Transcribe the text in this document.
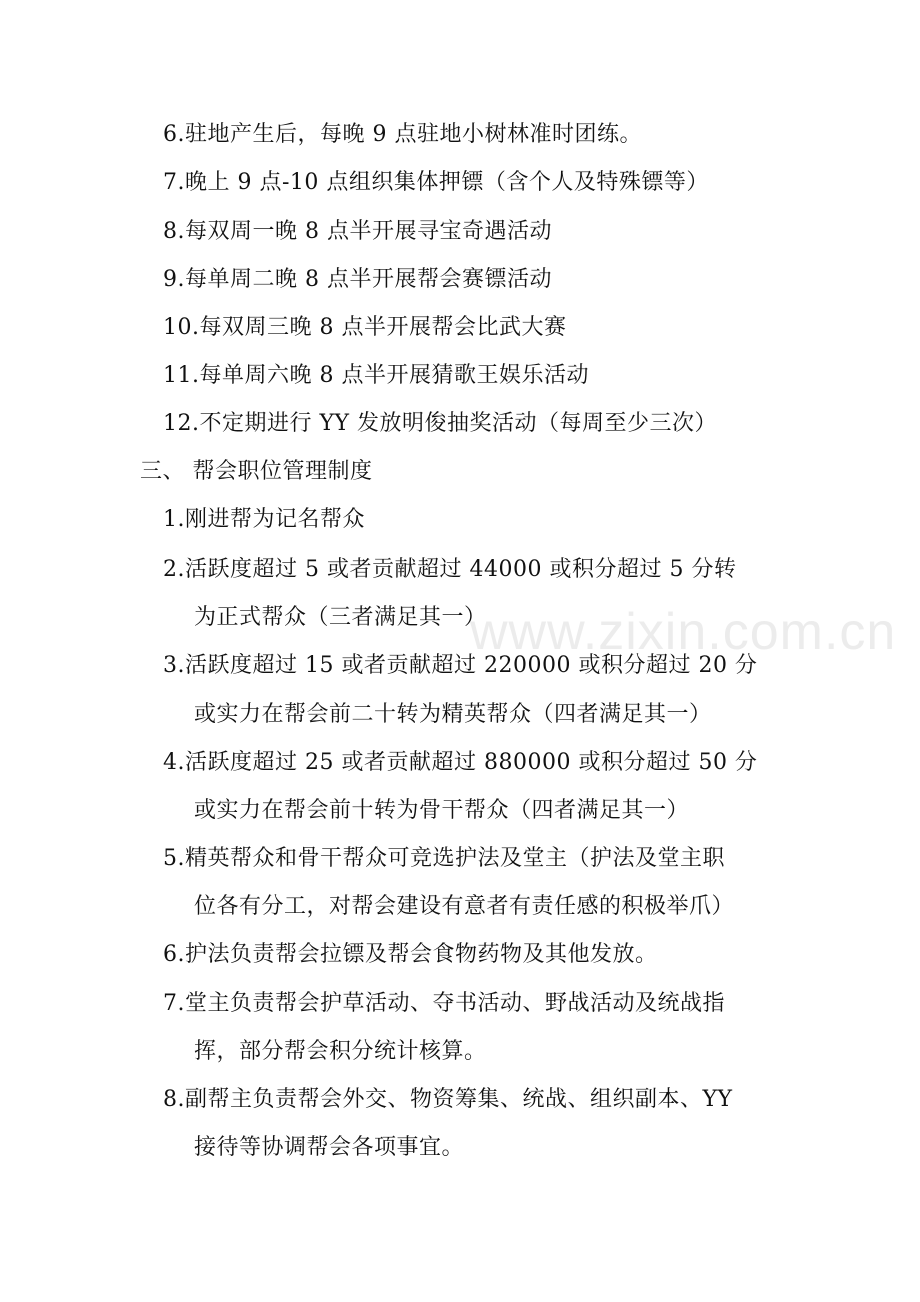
6.驻地产生后，每晚 9 点驻地小树林准时团练。
7.晚上 9 点-10 点组织集体押镖（含个人及特殊镖等）
8.每双周一晚 8 点半开展寻宝奇遇活动
9.每单周二晚 8 点半开展帮会赛镖活动
10.每双周三晚 8 点半开展帮会比武大赛
11.每单周六晚 8 点半开展猜歌王娱乐活动
12.不定期进行 YY 发放明俊抽奖活动（每周至少三次）
三、 帮会职位管理制度
1.刚进帮为记名帮众
2.活跃度超过 5 或者贡献超过 44000 或积分超过 5 分转
为正式帮众（三者满足其一）
3.活跃度超过 15 或者贡献超过 220000 或积分超过 20 分
或实力在帮会前二十转为精英帮众（四者满足其一）
4.活跃度超过 25 或者贡献超过 880000 或积分超过 50 分
或实力在帮会前十转为骨干帮众（四者满足其一）
5.精英帮众和骨干帮众可竞选护法及堂主（护法及堂主职
位各有分工，对帮会建设有意者有责任感的积极举爪）
6.护法负责帮会拉镖及帮会食物药物及其他发放。
7.堂主负责帮会护草活动、夺书活动、野战活动及统战指
挥，部分帮会积分统计核算。
8.副帮主负责帮会外交、物资筹集、统战、组织副本、YY
接待等协调帮会各项事宜。
www.zixin.com.cn
